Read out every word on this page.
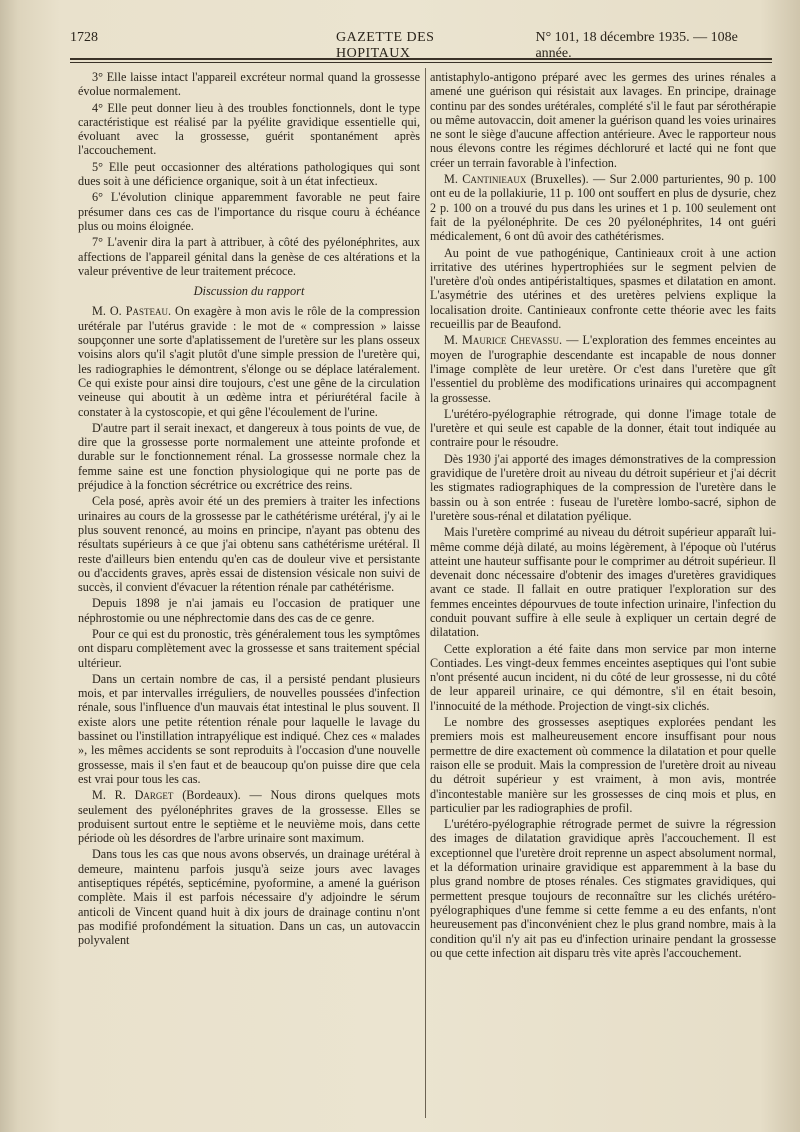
1728	GAZETTE DES HOPITAUX
N° 101, 18 décembre 1935. — 108e année.

3° Elle laisse intact l'appareil excréteur normal quand la grossesse évolue normalement.

4° Elle peut donner lieu à des troubles fonctionnels, dont le type caractéristique est réalisé par la pyélite gravidique essentielle qui, évoluant avec la grossesse, guérit spontanément après l'accouchement.

5° Elle peut occasionner des altérations pathologiques qui sont dues soit à une déficience organique, soit à un état infectieux.

6° L'évolution clinique apparemment favorable ne peut faire présumer dans ces cas de l'importance du risque couru à échéance plus ou moins éloignée.

7° L'avenir dira la part à attribuer, à côté des pyélonéphrites, aux affections de l'appareil génital dans la genèse de ces altérations et la valeur préventive de leur traitement précoce.

Discussion du rapport

M. O. Pasteau. On exagère à mon avis le rôle de la compression urétérale par l'utérus gravide : le mot de « compression » laisse soupçonner une sorte d'aplatissement de l'uretère sur les plans osseux voisins alors qu'il s'agit plutôt d'une simple pression de l'uretère qui, les radiographies le démontrent, s'élonge ou se déplace latéralement. Ce qui existe pour ainsi dire toujours, c'est une gêne de la circulation veineuse qui aboutit à un œdème intra et périurétéral facile à constater à la cystoscopie, et qui gêne l'écoulement de l'urine.

D'autre part il serait inexact, et dangereux à tous points de vue, de dire que la grossesse porte normalement une atteinte profonde et durable sur le fonctionnement rénal. La grossesse normale chez la femme saine est une fonction physiologique qui ne porte pas de préjudice à la fonction sécrétrice ou excrétrice des reins.

Cela posé, après avoir été un des premiers à traiter les infections urinaires au cours de la grossesse par le cathétérisme urétéral, j'y ai le plus souvent renoncé, au moins en principe, n'ayant pas obtenu des résultats supérieurs à ce que j'ai obtenu sans cathétérisme urétéral. Il reste d'ailleurs bien entendu qu'en cas de douleur vive et persistante ou d'accidents graves, après essai de distension vésicale non suivi de succès, il convient d'évacuer la rétention rénale par cathétérisme.

Depuis 1898 je n'ai jamais eu l'occasion de pratiquer une néphrostomie ou une néphrectomie dans des cas de ce genre.

Pour ce qui est du pronostic, très généralement tous les symptômes ont disparu complètement avec la grossesse et sans traitement spécial ultérieur.

Dans un certain nombre de cas, il a persisté pendant plusieurs mois, et par intervalles irréguliers, de nouvelles poussées d'infection rénale, sous l'influence d'un mauvais état intestinal le plus souvent. Il existe alors une petite rétention rénale pour laquelle le lavage du bassinet ou l'instillation intrapyélique est indiqué. Chez ces « malades », les mêmes accidents se sont reproduits à l'occasion d'une nouvelle grossesse, mais il s'en faut et de beaucoup qu'on puisse dire que cela est vrai pour tous les cas.

M. R. Darget (Bordeaux). — Nous dirons quelques mots seulement des pyélonéphrites graves de la grossesse. Elles se produisent surtout entre le septième et le neuvième mois, dans cette période où les désordres de l'arbre urinaire sont maximum.

Dans tous les cas que nous avons observés, un drainage urétéral à demeure, maintenu parfois jusqu'à seize jours avec lavages antiseptiques répétés, septicémine, pyoformine, a amené la guérison complète. Mais il est parfois nécessaire d'y adjoindre le sérum anticoli de Vincent quand huit à dix jours de drainage continu n'ont pas modifié profondément la situation. Dans un cas, un autovaccin polyvalent

antistaphylo-antigono préparé avec les germes des urines rénales a amené une guérison qui résistait aux lavages. En principe, drainage continu par des sondes urétérales, complété s'il le faut par sérothérapie ou même autovaccin, doit amener la guérison quand les voies urinaires ne sont le siège d'aucune affection antérieure. Avec le rapporteur nous nous élevons contre les régimes déchloruré et lacté qui ne font que créer un terrain favorable à l'infection.

M. Cantinieaux (Bruxelles). — Sur 2.000 parturientes, 90 p. 100 ont eu de la pollakiurie, 11 p. 100 ont souffert en plus de dysurie, chez 2 p. 100 on a trouvé du pus dans les urines et 1 p. 100 seulement ont fait de la pyélonéphrite. De ces 20 pyélonéphrites, 14 ont guéri médicalement, 6 ont dû avoir des cathétérismes.

Au point de vue pathogénique, Cantinieaux croit à une action irritative des utérines hypertrophiées sur le segment pelvien de l'uretère d'où ondes antipéristaltiques, spasmes et dilatation en amont. L'asymétrie des utérines et des uretères pelviens explique la localisation droite. Cantinieaux confronte cette théorie avec les faits recueillis par de Beaufond.

M. Maurice Chevassu. — L'exploration des femmes enceintes au moyen de l'urographie descendante est incapable de nous donner l'image complète de leur uretère. Or c'est dans l'uretère que gît l'essentiel du problème des modifications urinaires qui accompagnent la grossesse.

L'urétéro-pyélographie rétrograde, qui donne l'image totale de l'uretère et qui seule est capable de la donner, était tout indiquée au contraire pour le résoudre.

Dès 1930 j'ai apporté des images démonstratives de la compression gravidique de l'uretère droit au niveau du détroit supérieur et j'ai décrit les stigmates radiographiques de la compression de l'uretère dans le bassin ou à son entrée : fuseau de l'uretère lombo-sacré, siphon de l'uretère sous-rénal et dilatation pyélique.

Mais l'uretère comprimé au niveau du détroit supérieur apparaît lui-même comme déjà dilaté, au moins légèrement, à l'époque où l'utérus atteint une hauteur suffisante pour le comprimer au détroit supérieur. Il devenait donc nécessaire d'obtenir des images d'uretères gravidiques avant ce stade. Il fallait en outre pratiquer l'exploration sur des femmes enceintes dépourvues de toute infection urinaire, l'infection du conduit pouvant suffire à elle seule à expliquer un certain degré de dilatation.

Cette exploration a été faite dans mon service par mon interne Contiades. Les vingt-deux femmes enceintes aseptiques qui l'ont subie n'ont présenté aucun incident, ni du côté de leur grossesse, ni du côté de leur appareil urinaire, ce qui démontre, s'il en était besoin, l'innocuité de la méthode. Projection de vingt-six clichés.

Le nombre des grossesses aseptiques explorées pendant les premiers mois est malheureusement encore insuffisant pour nous permettre de dire exactement où commence la dilatation et pour quelle raison elle se produit. Mais la compression de l'uretère droit au niveau du détroit supérieur y est vraiment, à mon avis, montrée d'incontestable manière sur les grossesses de cinq mois et plus, en particulier par les radiographies de profil.

L'urétéro-pyélographie rétrograde permet de suivre la régression des images de dilatation gravidique après l'accouchement. Il est exceptionnel que l'uretère droit reprenne un aspect absolument normal, et la déformation urinaire gravidique est apparemment à la base du plus grand nombre de ptoses rénales. Ces stigmates gravidiques, qui permettent presque toujours de reconnaître sur les clichés urétéro-pyélographiques d'une femme si cette femme a eu des enfants, n'ont heureusement pas d'inconvénient chez le plus grand nombre, mais à la condition qu'il n'y ait pas eu d'infection urinaire pendant la grossesse ou que cette infection ait disparu très vite après l'accouchement.
